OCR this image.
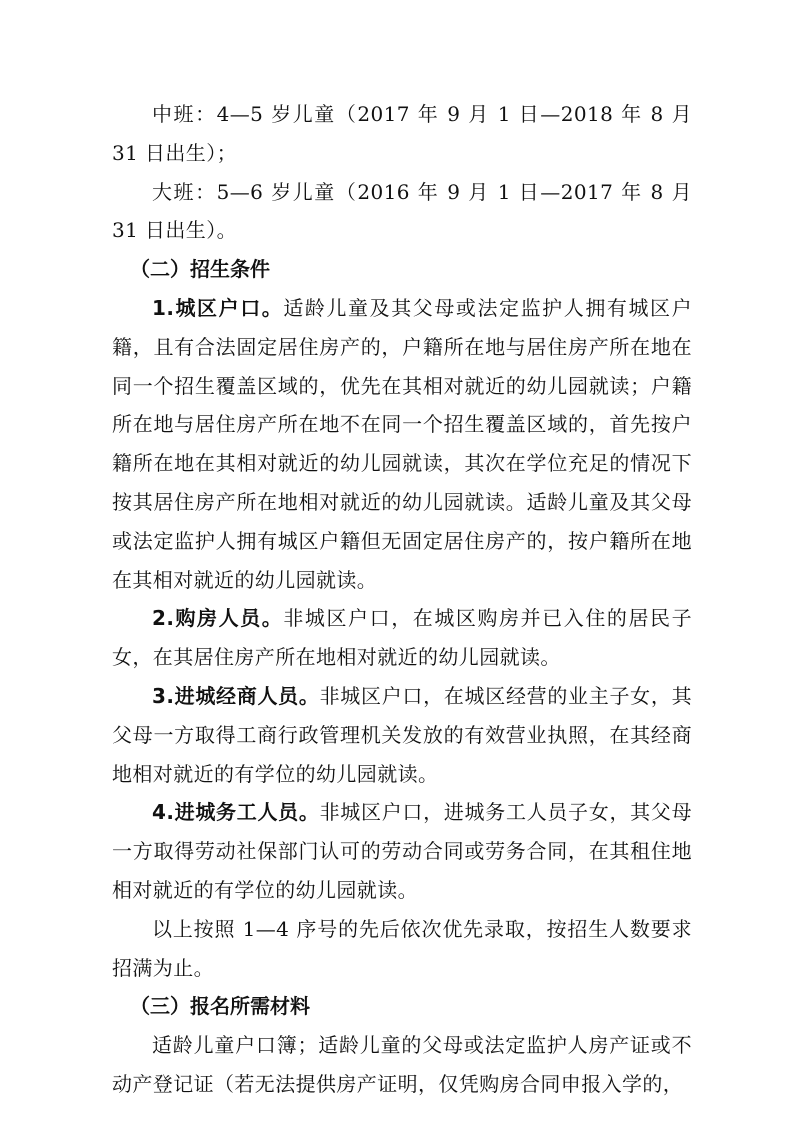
中班：4—5 岁儿童（2017 年 9 月 1 日—2018 年 8 月 31 日出生）；
大班：5—6 岁儿童（2016 年 9 月 1 日—2017 年 8 月 31 日出生）。

（二）招生条件

1.城区户口。适龄儿童及其父母或法定监护人拥有城区户籍，且有合法固定居住房产的，户籍所在地与居住房产所在地在同一个招生覆盖区域的，优先在其相对就近的幼儿园就读；户籍所在地与居住房产所在地不在同一个招生覆盖区域的，首先按户籍所在地在其相对就近的幼儿园就读，其次在学位充足的情况下按其居住房产所在地相对就近的幼儿园就读。适龄儿童及其父母或法定监护人拥有城区户籍但无固定居住房产的，按户籍所在地在其相对就近的幼儿园就读。

2.购房人员。非城区户口，在城区购房并已入住的居民子女，在其居住房产所在地相对就近的幼儿园就读。

3.进城经商人员。非城区户口，在城区经营的业主子女，其父母一方取得工商行政管理机关发放的有效营业执照，在其经商地相对就近的有学位的幼儿园就读。

4.进城务工人员。非城区户口，进城务工人员子女，其父母一方取得劳动社保部门认可的劳动合同或劳务合同，在其租住地相对就近的有学位的幼儿园就读。

以上按照 1—4 序号的先后依次优先录取，按招生人数要求招满为止。

（三）报名所需材料

适龄儿童户口簿；适龄儿童的父母或法定监护人房产证或不动产登记证（若无法提供房产证明，仅凭购房合同申报入学的，
